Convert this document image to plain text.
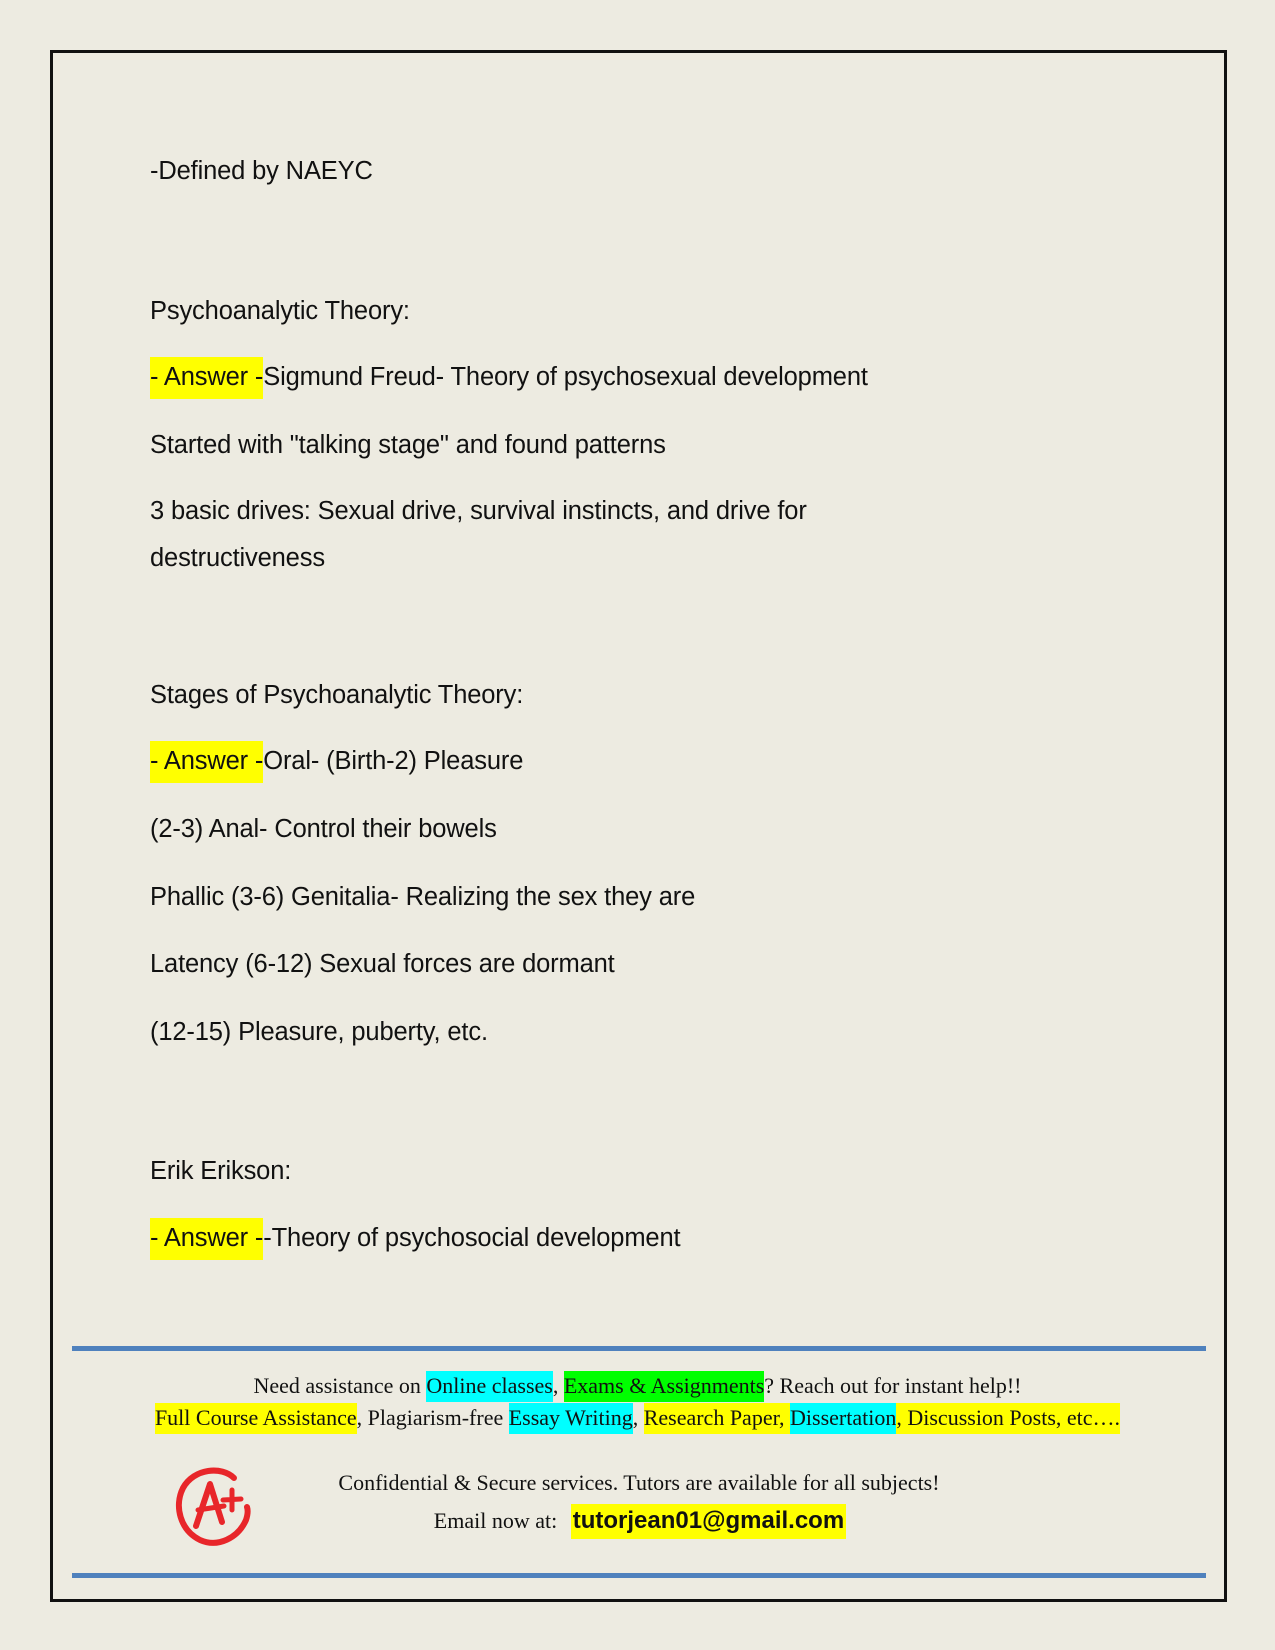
-Defined by NAEYC
Psychoanalytic Theory:
- Answer -Sigmund Freud- Theory of psychosexual development
Started with "talking stage" and found patterns
3 basic drives: Sexual drive, survival instincts, and drive for
destructiveness
Stages of Psychoanalytic Theory:
- Answer -Oral- (Birth-2) Pleasure
(2-3) Anal- Control their bowels
Phallic (3-6) Genitalia- Realizing the sex they are
Latency (6-12) Sexual forces are dormant
(12-15) Pleasure, puberty, etc.
Erik Erikson:
- Answer --Theory of psychosocial development
Need assistance on Online classes, Exams & Assignments? Reach out for instant help!!
Full Course Assistance, Plagiarism-free Essay Writing, Research Paper, Dissertation, Discussion Posts, etc….
Confidential & Secure services. Tutors are available for all subjects!
Email now at: tutorjean01@gmail.com
